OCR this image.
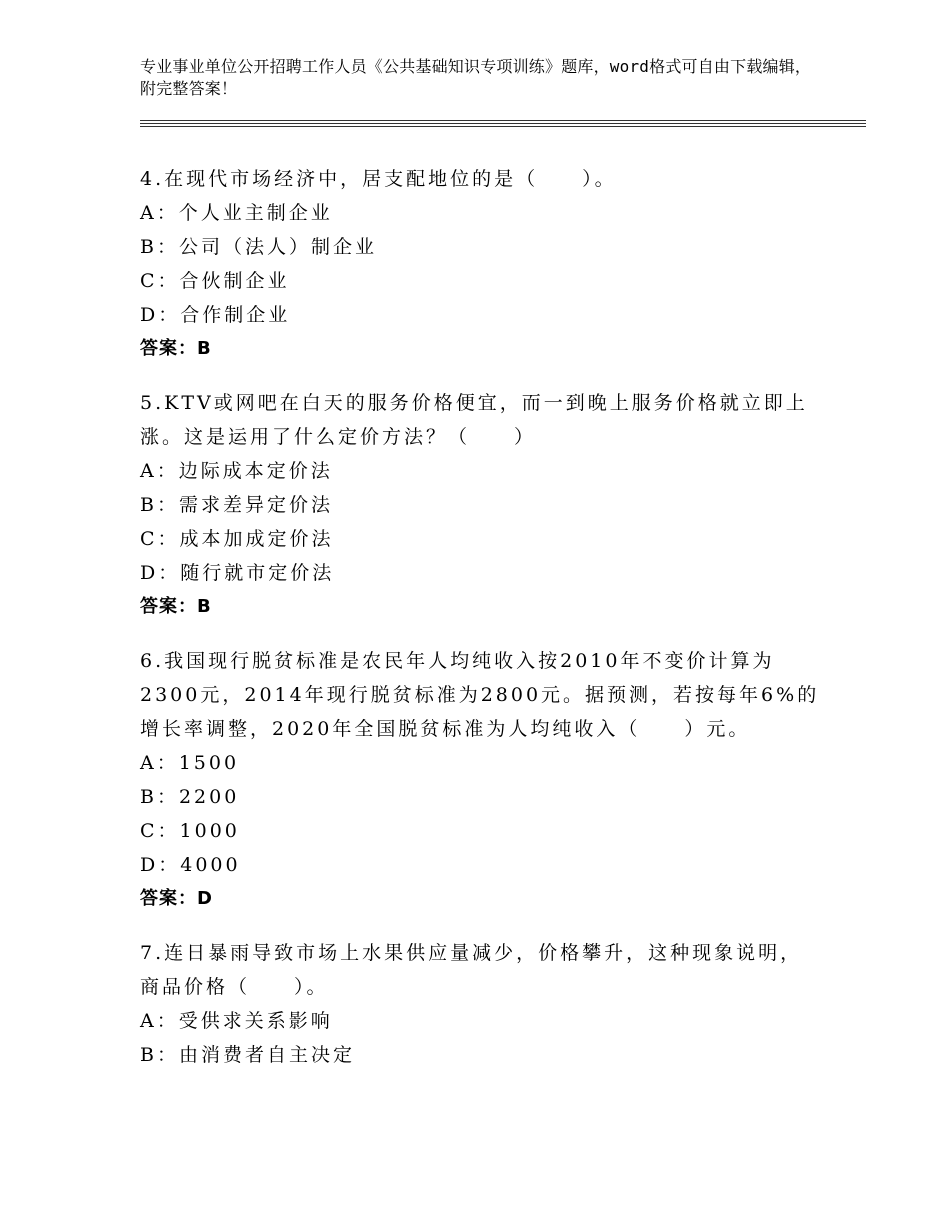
专业事业单位公开招聘工作人员《公共基础知识专项训练》题库，word格式可自由下载编辑，附完整答案！
4.在现代市场经济中，居支配地位的是（　　）。
A：个人业主制企业
B：公司（法人）制企业
C：合伙制企业
D：合作制企业
答案：B
5.KTV或网吧在白天的服务价格便宜，而一到晚上服务价格就立即上涨。这是运用了什么定价方法？（　　）
A：边际成本定价法
B：需求差异定价法
C：成本加成定价法
D：随行就市定价法
答案：B
6.我国现行脱贫标准是农民年人均纯收入按2010年不变价计算为2300元，2014年现行脱贫标准为2800元。据预测，若按每年6%的增长率调整，2020年全国脱贫标准为人均纯收入（　　）元。
A：1500
B：2200
C：1000
D：4000
答案：D
7.连日暴雨导致市场上水果供应量减少，价格攀升，这种现象说明，商品价格（　　）。
A：受供求关系影响
B：由消费者自主决定
